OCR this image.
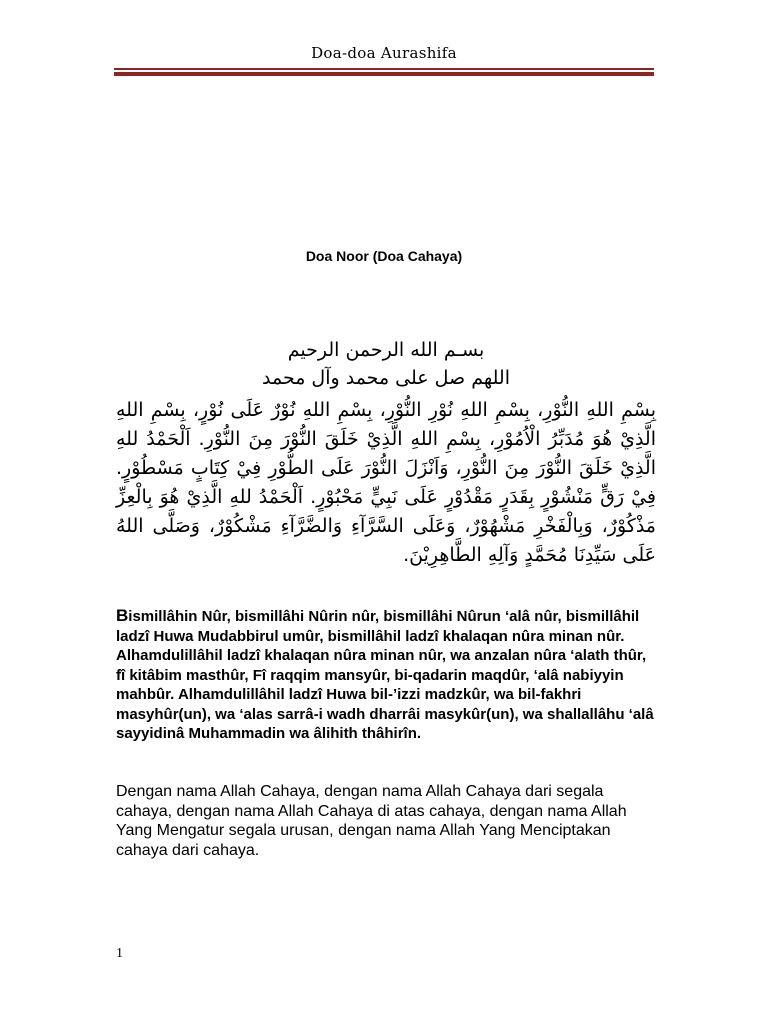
Doa-doa Aurashifa
Doa Noor (Doa Cahaya)
بسـم الله الرحمن الرحيم
اللهم صل على محمد وآل محمد
بِسْمِ اللهِ النُّوْرِ، بِسْمِ اللهِ نُوْرِ النُّوْرِ، بِسْمِ اللهِ نُوْرٌ عَلَى نُوْرٍ، بِسْمِ اللهِ الَّذِيْ هُوَ مُدَبِّرُ الْاُمُوْرِ، بِسْمِ اللهِ الَّذِيْ خَلَقَ النُّوْرَ مِنَ النُّوْرِ. اَلْحَمْدُ للهِ الَّذِيْ خَلَقَ النُّوْرَ مِنَ النُّوْرِ، وَاَنْزَلَ النُّوْرَ عَلَى الطُّوْرِ فِيْ كِتَابٍ مَسْطُوْرٍ. فِيْ رَقٍّ مَنْشُوْرٍ بِقَدَرٍ مَقْدُوْرٍ عَلَى نَبِيٍّ مَحْبُوْرٍ. اَلْحَمْدُ للهِ الَّذِيْ هُوَ بِالْعِزِّ مَذْكُوْرٌ، وَبِالْفَخْرِ مَشْهُوْرٌ، وَعَلَى السَّرَّآءِ وَالضَّرَّآءِ مَشْكُوْرٌ، وَصَلَّى اللهُ عَلَى سَيِّدِنَا مُحَمَّدٍ وَآلِهِ الطَّاهِرِيْنَ.
Bismillâhin Nûr, bismillâhi Nûrin nûr, bismillâhi Nûrun ‘alâ nûr, bismillâhil ladzî Huwa Mudabbirul umûr, bismillâhil ladzî khalaqan nûra minan nûr. Alhamdulillâhil ladzî khalaqan nûra minan nûr, wa anzalan nûra ‘alath thûr, fî kitâbim masthûr, Fî raqqim mansyûr, bi-qadarin maqdûr, ‘alâ nabiyyin mahbûr. Alhamdulillâhil ladzî Huwa bil-’izzi madzkûr, wa bil-fakhri masyhûr(un), wa ‘alas sarrâ-i wadh dharrâi masykûr(un), wa shallallâhu ‘alâ sayyidinâ Muhammadin wa âlihith thâhirîn.
Dengan nama Allah Cahaya, dengan nama Allah Cahaya dari segala cahaya, dengan nama Allah Cahaya di atas cahaya, dengan nama Allah Yang Mengatur segala urusan, dengan nama Allah Yang Menciptakan cahaya dari cahaya.
1
